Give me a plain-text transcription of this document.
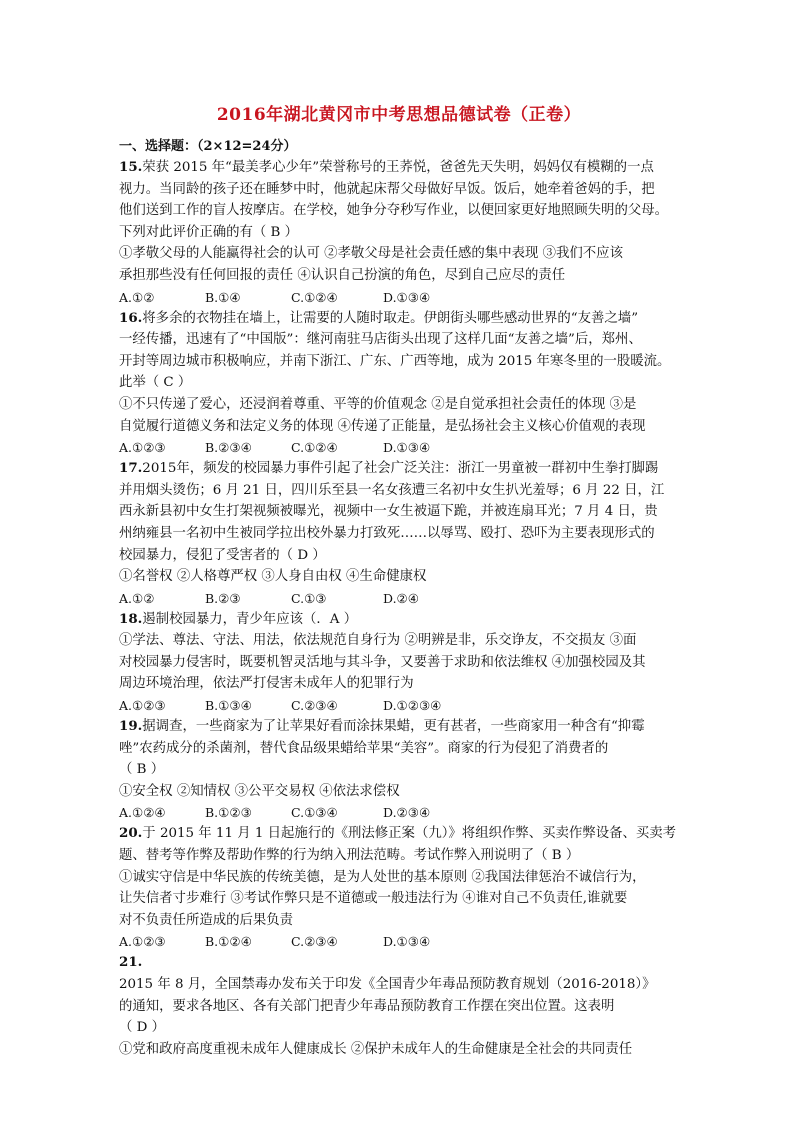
2016年湖北黄冈市中考思想品德试卷（正卷）
一、选择题：（2×12=24分）
15.荣获 2015 年“最美孝心少年”荣誉称号的王荞悦，爸爸先天失明，妈妈仅有模糊的一点
视力。当同龄的孩子还在睡梦中时，他就起床帮父母做好早饭。饭后，她牵着爸妈的手，把
他们送到工作的盲人按摩店。在学校，她争分夺秒写作业，以便回家更好地照顾失明的父母。
下列对此评价正确的有（ B ）
①孝敬父母的人能赢得社会的认可 ②孝敬父母是社会责任感的集中表现 ③我们不应该
承担那些没有任何回报的责任 ④认识自己扮演的角色，尽到自己应尽的责任
A.①②	B.①④	C.①②④	D.①③④
16.将多余的衣物挂在墙上，让需要的人随时取走。伊朗街头哪些感动世界的“友善之墙”
一经传播，迅速有了“中国版”：继河南驻马店街头出现了这样几面“友善之墙”后，郑州、
开封等周边城市积极响应，并南下浙江、广东、广西等地，成为 2015 年寒冬里的一股暖流。
此举（ C ）
①不只传递了爱心，还浸润着尊重、平等的价值观念 ②是自觉承担社会责任的体现 ③是
自觉履行道德义务和法定义务的体现 ④传递了正能量，是弘扬社会主义核心价值观的表现
A.①②③	B.②③④	C.①②④	D.①③④
17.2015年，频发的校园暴力事件引起了社会广泛关注：浙江一男童被一群初中生拳打脚踢
并用烟头烫伤；6 月 21 日，四川乐至县一名女孩遭三名初中女生扒光羞辱；6 月 22 日，江
西永新县初中女生打架视频被曝光，视频中一女生被逼下跪，并被连扇耳光；7 月 4 日，贵
州纳雍县一名初中生被同学拉出校外暴力打致死……以辱骂、殴打、恐吓为主要表现形式的
校园暴力，侵犯了受害者的（ D ）
①名誉权 ②人格尊严权 ③人身自由权 ④生命健康权
A.①②	B.②③	C.①③	D.②④
18.遏制校园暴力，青少年应该（．A ）
①学法、尊法、守法、用法，依法规范自身行为 ②明辨是非，乐交诤友，不交损友 ③面
对校园暴力侵害时，既要机智灵活地与其斗争，又要善于求助和依法维权 ④加强校园及其
周边环境治理，依法严打侵害未成年人的犯罪行为
A.①②③	B.①③④	C.②③④	D.①②③④
19.据调查，一些商家为了让苹果好看而涂抹果蜡，更有甚者，一些商家用一种含有“抑霉
唑”农药成分的杀菌剂，替代食品级果蜡给苹果“美容”。商家的行为侵犯了消费者的
（ B ）
①安全权 ②知情权 ③公平交易权 ④依法求偿权
A.①②④	B.①②③	C.①③④	D.②③④
20.于 2015 年 11 月 1 日起施行的《刑法修正案（九）》将组织作弊、买卖作弊设备、买卖考
题、替考等作弊及帮助作弊的行为纳入刑法范畴。考试作弊入刑说明了（ B ）
①诚实守信是中华民族的传统美德，是为人处世的基本原则 ②我国法律惩治不诚信行为，
让失信者寸步难行 ③考试作弊只是不道德或一般违法行为 ④谁对自己不负责任,谁就要
对不负责任所造成的后果负责
A.①②③	B.①②④	C.②③④	D.①③④
21. 2015 年 8 月，全国禁毒办发布关于印发《全国青少年毒品预防教育规划（2016-2018）》
的通知，要求各地区、各有关部门把青少年毒品预防教育工作摆在突出位置。这表明
（ D ）
①党和政府高度重视未成年人健康成长 ②保护未成年人的生命健康是全社会的共同责任
